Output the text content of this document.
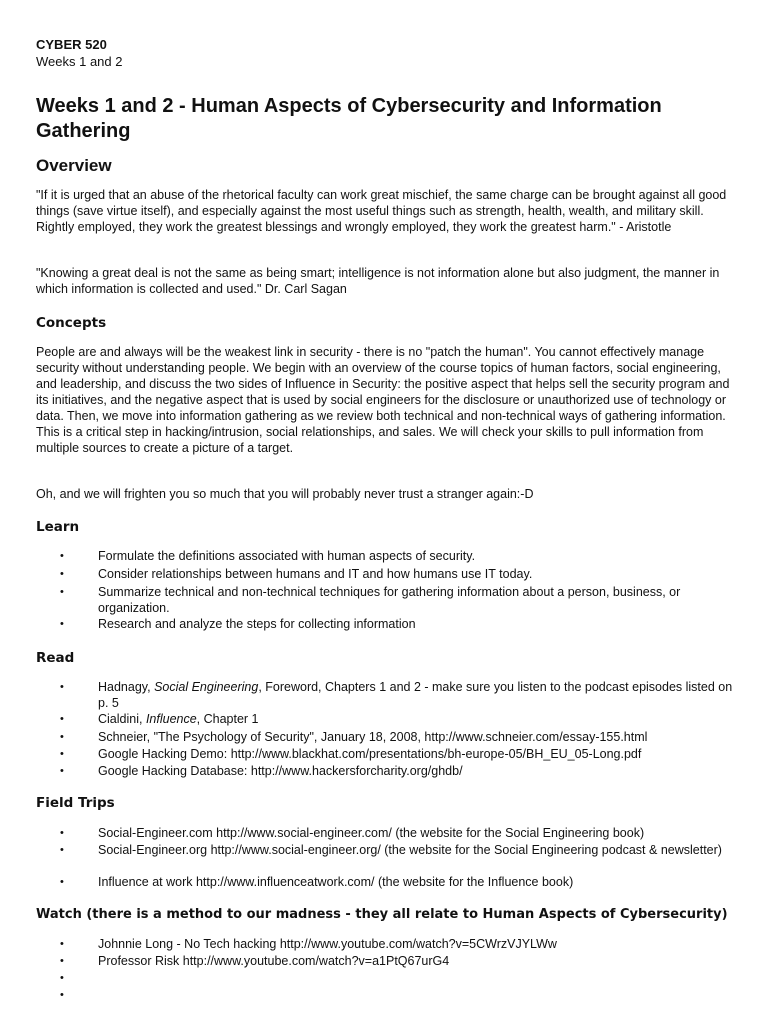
CYBER 520
Weeks 1 and 2
Weeks 1 and 2 - Human Aspects of Cybersecurity and Information Gathering
Overview

"If it is urged that an abuse of the rhetorical faculty can work great mischief, the same charge can be brought against all good things (save virtue itself), and especially against the most useful things such as strength, health, wealth, and military skill. Rightly employed, they work the greatest blessings and wrongly employed, they work the greatest harm." - Aristotle

"Knowing a great deal is not the same as being smart; intelligence is not information alone but also judgment, the manner in which information is collected and used." Dr. Carl Sagan

Concepts

People are and always will be the weakest link in security - there is no "patch the human". You cannot effectively manage security without understanding people. We begin with an overview of the course topics of human factors, social engineering, and leadership, and discuss the two sides of Influence in Security: the positive aspect that helps sell the security program and its initiatives, and the negative aspect that is used by social engineers for the disclosure or unauthorized use of technology or data. Then, we move into information gathering as we review both technical and non-technical ways of gathering information. This is a critical step in hacking/intrusion, social relationships, and sales. We will check your skills to pull information from multiple sources to create a picture of a target.

Oh, and we will frighten you so much that you will probably never trust a stranger again:-D

Learn
•	Formulate the definitions associated with human aspects of security.
•	Consider relationships between humans and IT and how humans use IT today.
•	Summarize technical and non-technical techniques for gathering information about a person, business, or organization.
•	Research and analyze the steps for collecting information
Read
•	Hadnagy, Social Engineering, Foreword, Chapters 1 and 2 - make sure you listen to the podcast episodes listed on p. 5
•	Cialdini, Influence, Chapter 1
•	Schneier, "The Psychology of Security", January 18, 2008, http://www.schneier.com/essay-155.html
•	Google Hacking Demo: http://www.blackhat.com/presentations/bh-europe-05/BH_EU_05-Long.pdf
•	Google Hacking Database: http://www.hackersforcharity.org/ghdb/
Field Trips
•	Social-Engineer.com http://www.social-engineer.com/ (the website for the Social Engineering book)
•	Social-Engineer.org http://www.social-engineer.org/ (the website for the Social Engineering podcast & newsletter)
•	Influence at work http://www.influenceatwork.com/ (the website for the Influence book)
Watch (there is a method to our madness - they all relate to Human Aspects of Cybersecurity)
•	Johnnie Long - No Tech hacking http://www.youtube.com/watch?v=5CWrzVJYLWw
•	Professor Risk http://www.youtube.com/watch?v=a1PtQ67urG4
•
•
